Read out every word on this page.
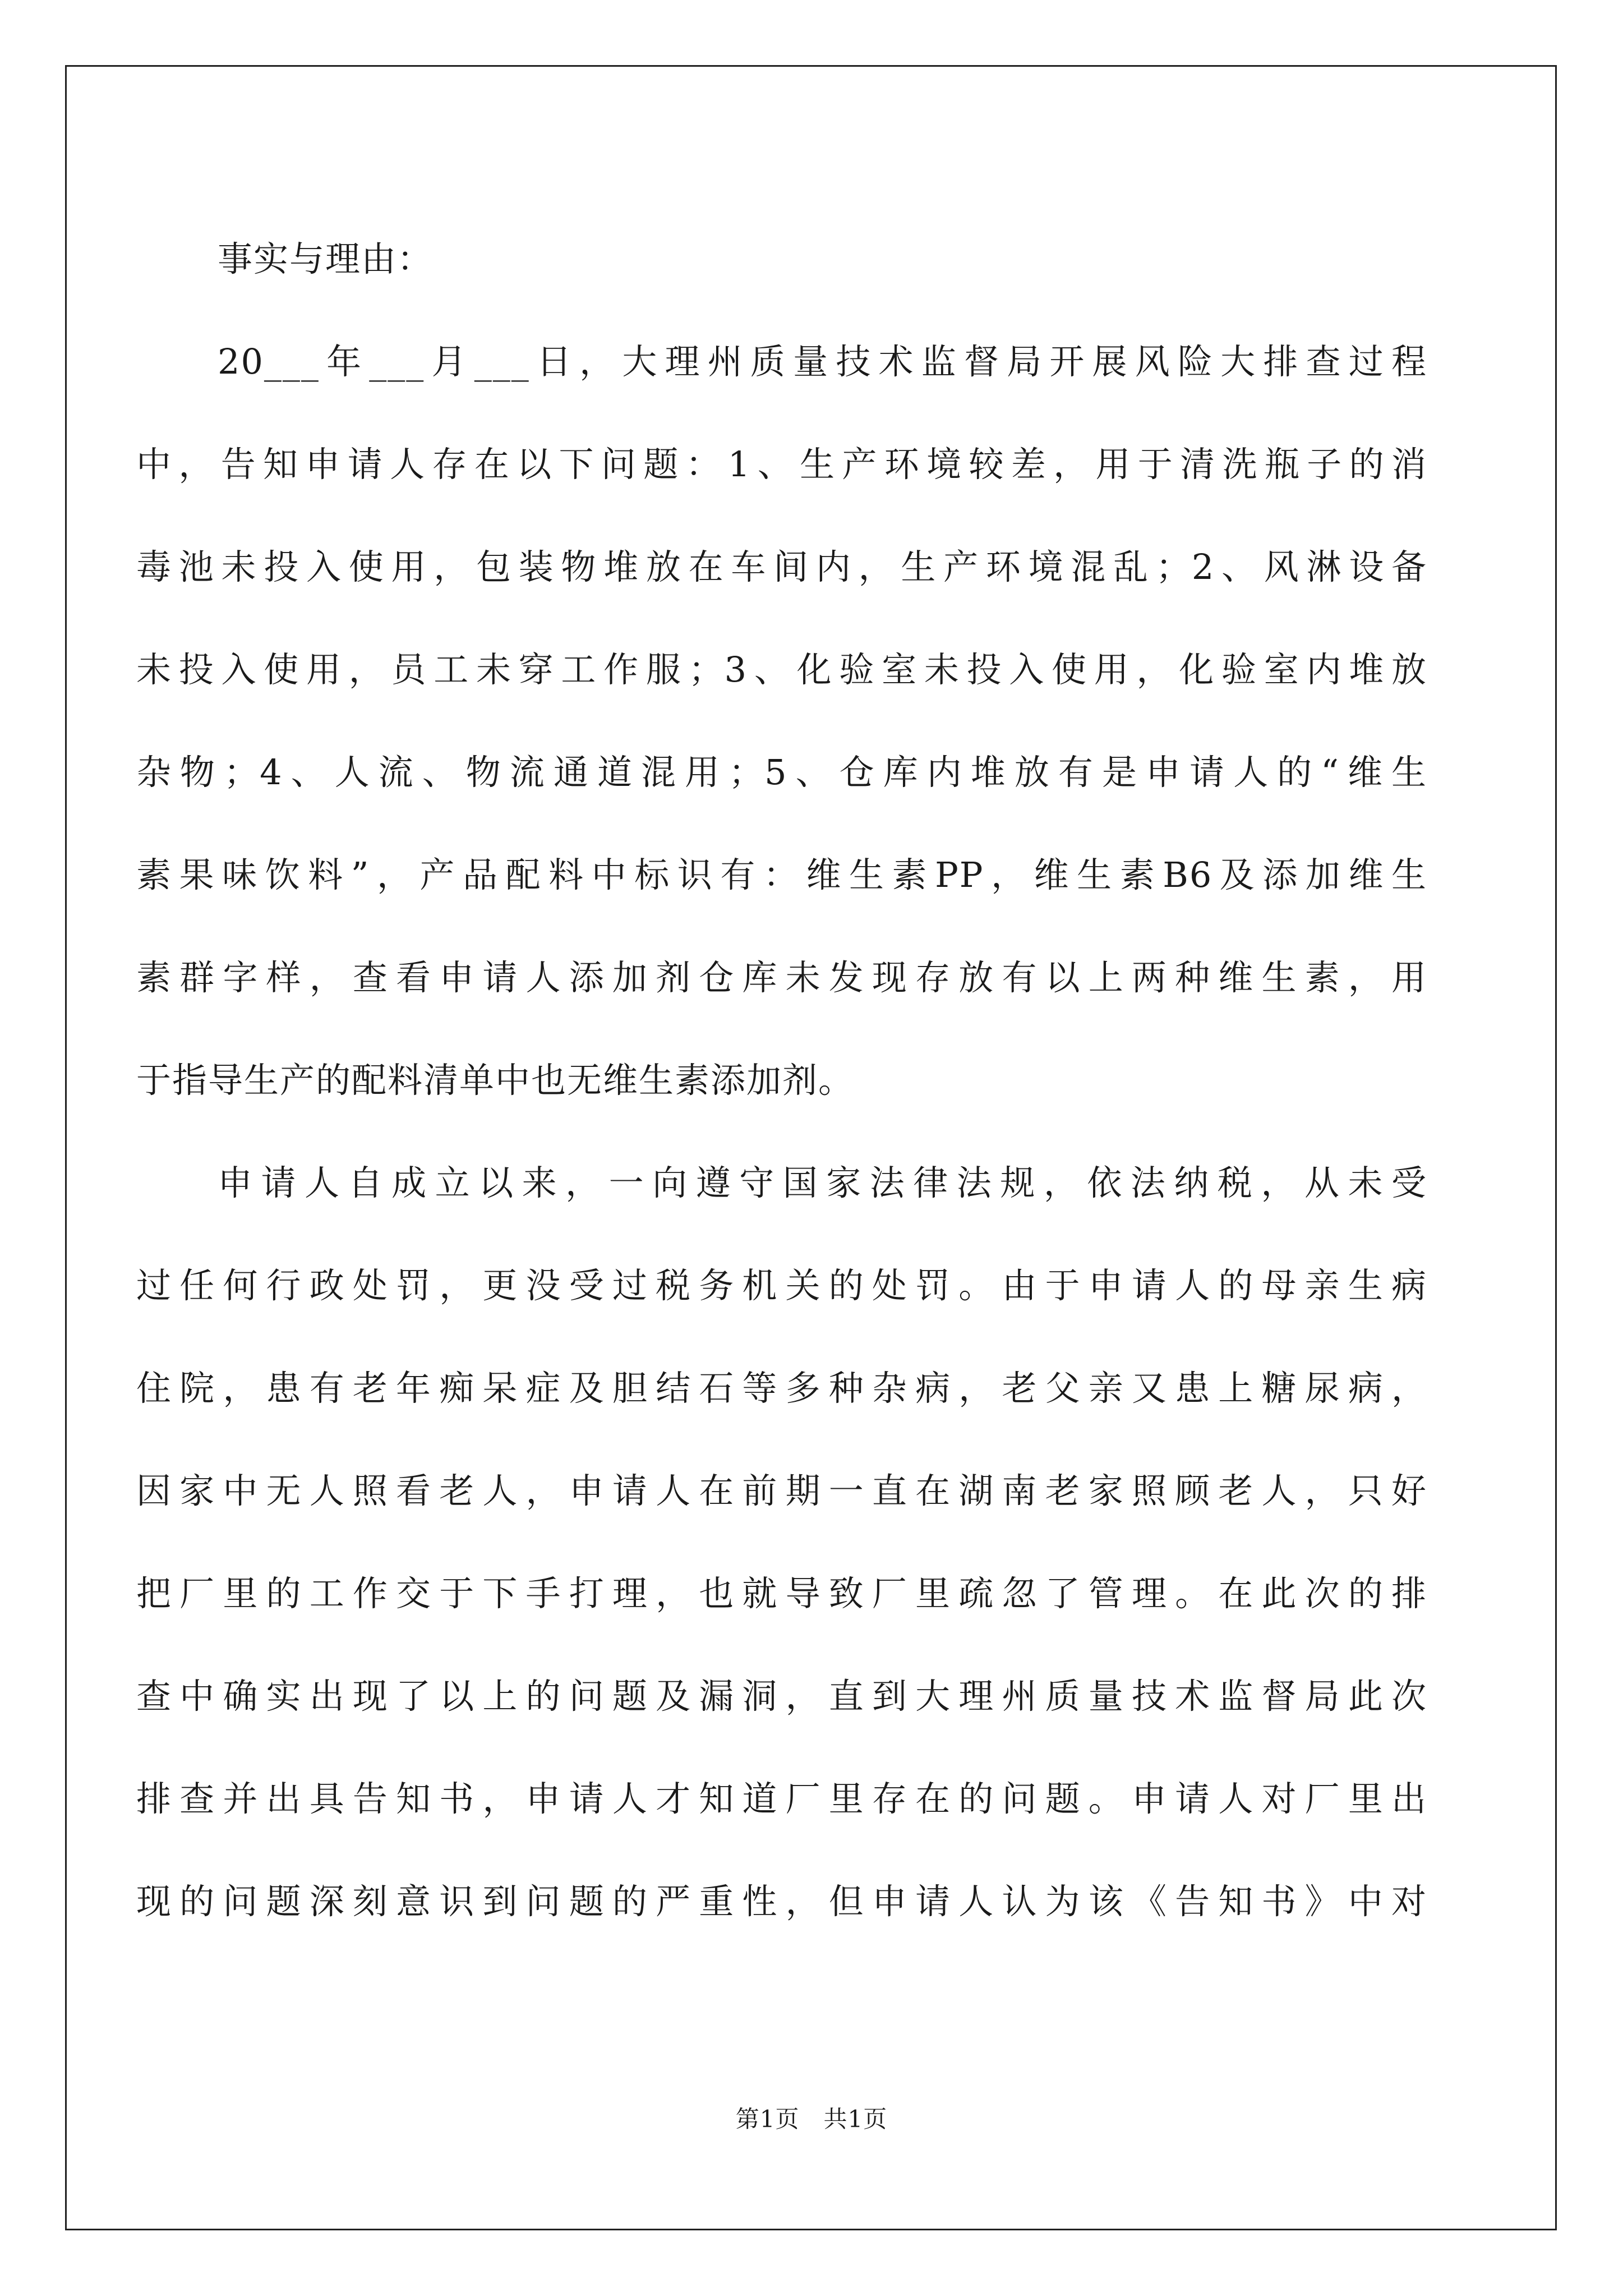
事实与理由：
20___年___月___日，大理州质量技术监督局开展风险大排查过程
中，告知申请人存在以下问题：1、生产环境较差，用于清洗瓶子的消
毒池未投入使用，包装物堆放在车间内，生产环境混乱；2、风淋设备
未投入使用，员工未穿工作服；3、化验室未投入使用，化验室内堆放
杂物；4、人流、物流通道混用；5、仓库内堆放有是申请人的“维生
素果味饮料”，产品配料中标识有：维生素PP，维生素B6及添加维生
素群字样，查看申请人添加剂仓库未发现存放有以上两种维生素，用
于指导生产的配料清单中也无维生素添加剂。
申请人自成立以来，一向遵守国家法律法规，依法纳税，从未受
过任何行政处罚，更没受过税务机关的处罚。由于申请人的母亲生病
住院，患有老年痴呆症及胆结石等多种杂病，老父亲又患上糖尿病，
因家中无人照看老人，申请人在前期一直在湖南老家照顾老人，只好
把厂里的工作交于下手打理，也就导致厂里疏忽了管理。在此次的排
查中确实出现了以上的问题及漏洞，直到大理州质量技术监督局此次
排查并出具告知书，申请人才知道厂里存在的问题。申请人对厂里出
现的问题深刻意识到问题的严重性，但申请人认为该《告知书》中对
第1页　共1页
